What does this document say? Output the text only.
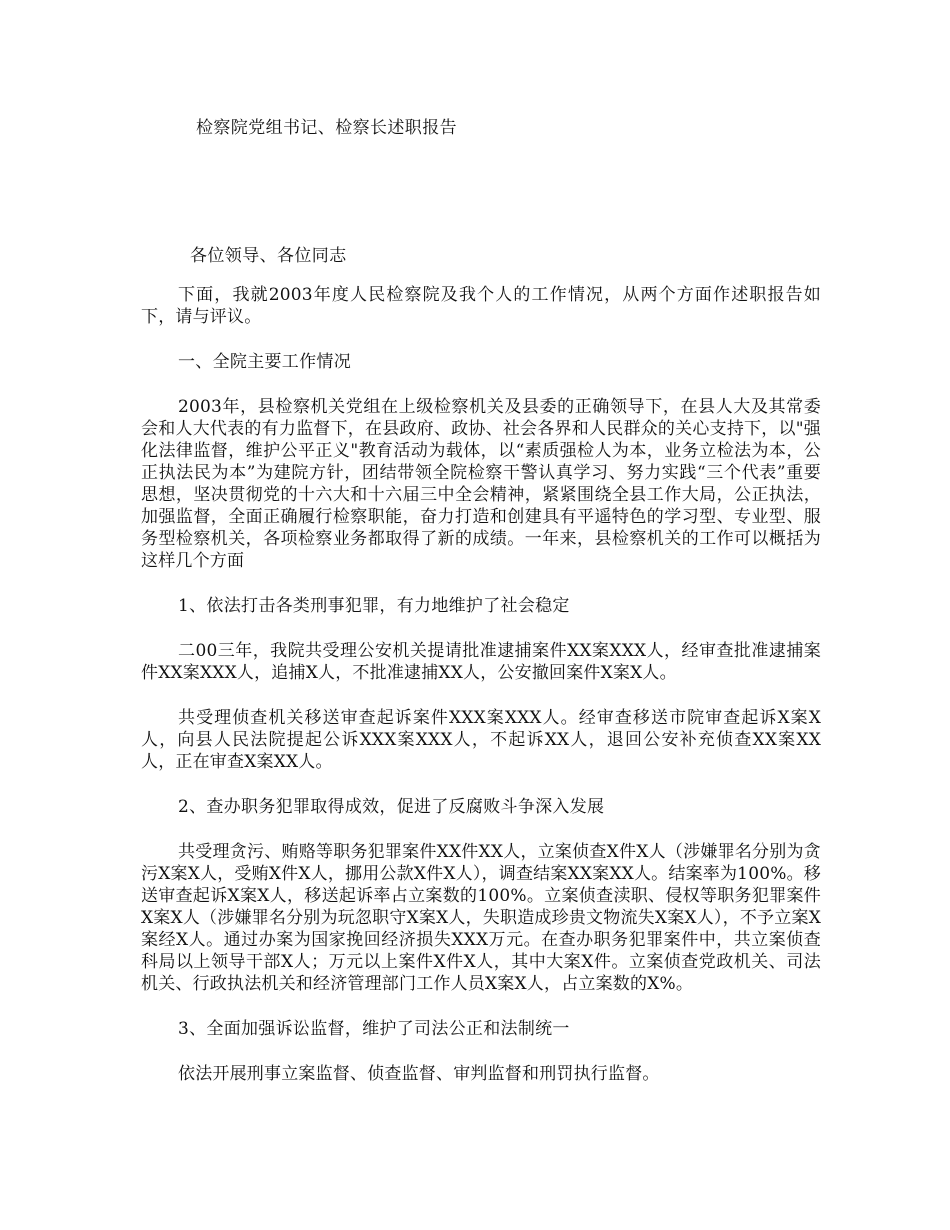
检察院党组书记、检察长述职报告
各位领导、各位同志

下面，我就2003年度人民检察院及我个人的工作情况，从两个方面作述职报告如下，请与评议。

一、全院主要工作情况

2003年，县检察机关党组在上级检察机关及县委的正确领导下，在县人大及其常委会和人大代表的有力监督下，在县政府、政协、社会各界和人民群众的关心支持下，以"强化法律监督，维护公平正义"教育活动为载体，以“素质强检人为本，业务立检法为本，公正执法民为本”为建院方针，团结带领全院检察干警认真学习、努力实践“三个代表”重要思想，坚决贯彻党的十六大和十六届三中全会精神，紧紧围绕全县工作大局，公正执法，加强监督，全面正确履行检察职能，奋力打造和创建具有平遥特色的学习型、专业型、服务型检察机关，各项检察业务都取得了新的成绩。一年来，县检察机关的工作可以概括为这样几个方面

1、依法打击各类刑事犯罪，有力地维护了社会稳定

二00三年，我院共受理公安机关提请批准逮捕案件XX案XXX人，经审查批准逮捕案件XX案XXX人，追捕X人，不批准逮捕XX人，公安撤回案件X案X人。

共受理侦查机关移送审查起诉案件XXX案XXX人。经审查移送市院审查起诉X案X人，向县人民法院提起公诉XXX案XXX人，不起诉XX人，退回公安补充侦查XX案XX人，正在审查X案XX人。

2、查办职务犯罪取得成效，促进了反腐败斗争深入发展

共受理贪污、贿赂等职务犯罪案件XX件XX人，立案侦查X件X人（涉嫌罪名分别为贪污X案X人，受贿X件X人，挪用公款X件X人），调查结案XX案XX人。结案率为100%。移送审查起诉X案X人，移送起诉率占立案数的100%。立案侦查渎职、侵权等职务犯罪案件X案X人（涉嫌罪名分别为玩忽职守X案X人，失职造成珍贵文物流失X案X人），不予立案X案经X人。通过办案为国家挽回经济损失XXX万元。在查办职务犯罪案件中，共立案侦查科局以上领导干部X人；万元以上案件X件X人，其中大案X件。立案侦查党政机关、司法机关、行政执法机关和经济管理部门工作人员X案X人，占立案数的X%。

3、全面加强诉讼监督，维护了司法公正和法制统一

依法开展刑事立案监督、侦查监督、审判监督和刑罚执行监督。
